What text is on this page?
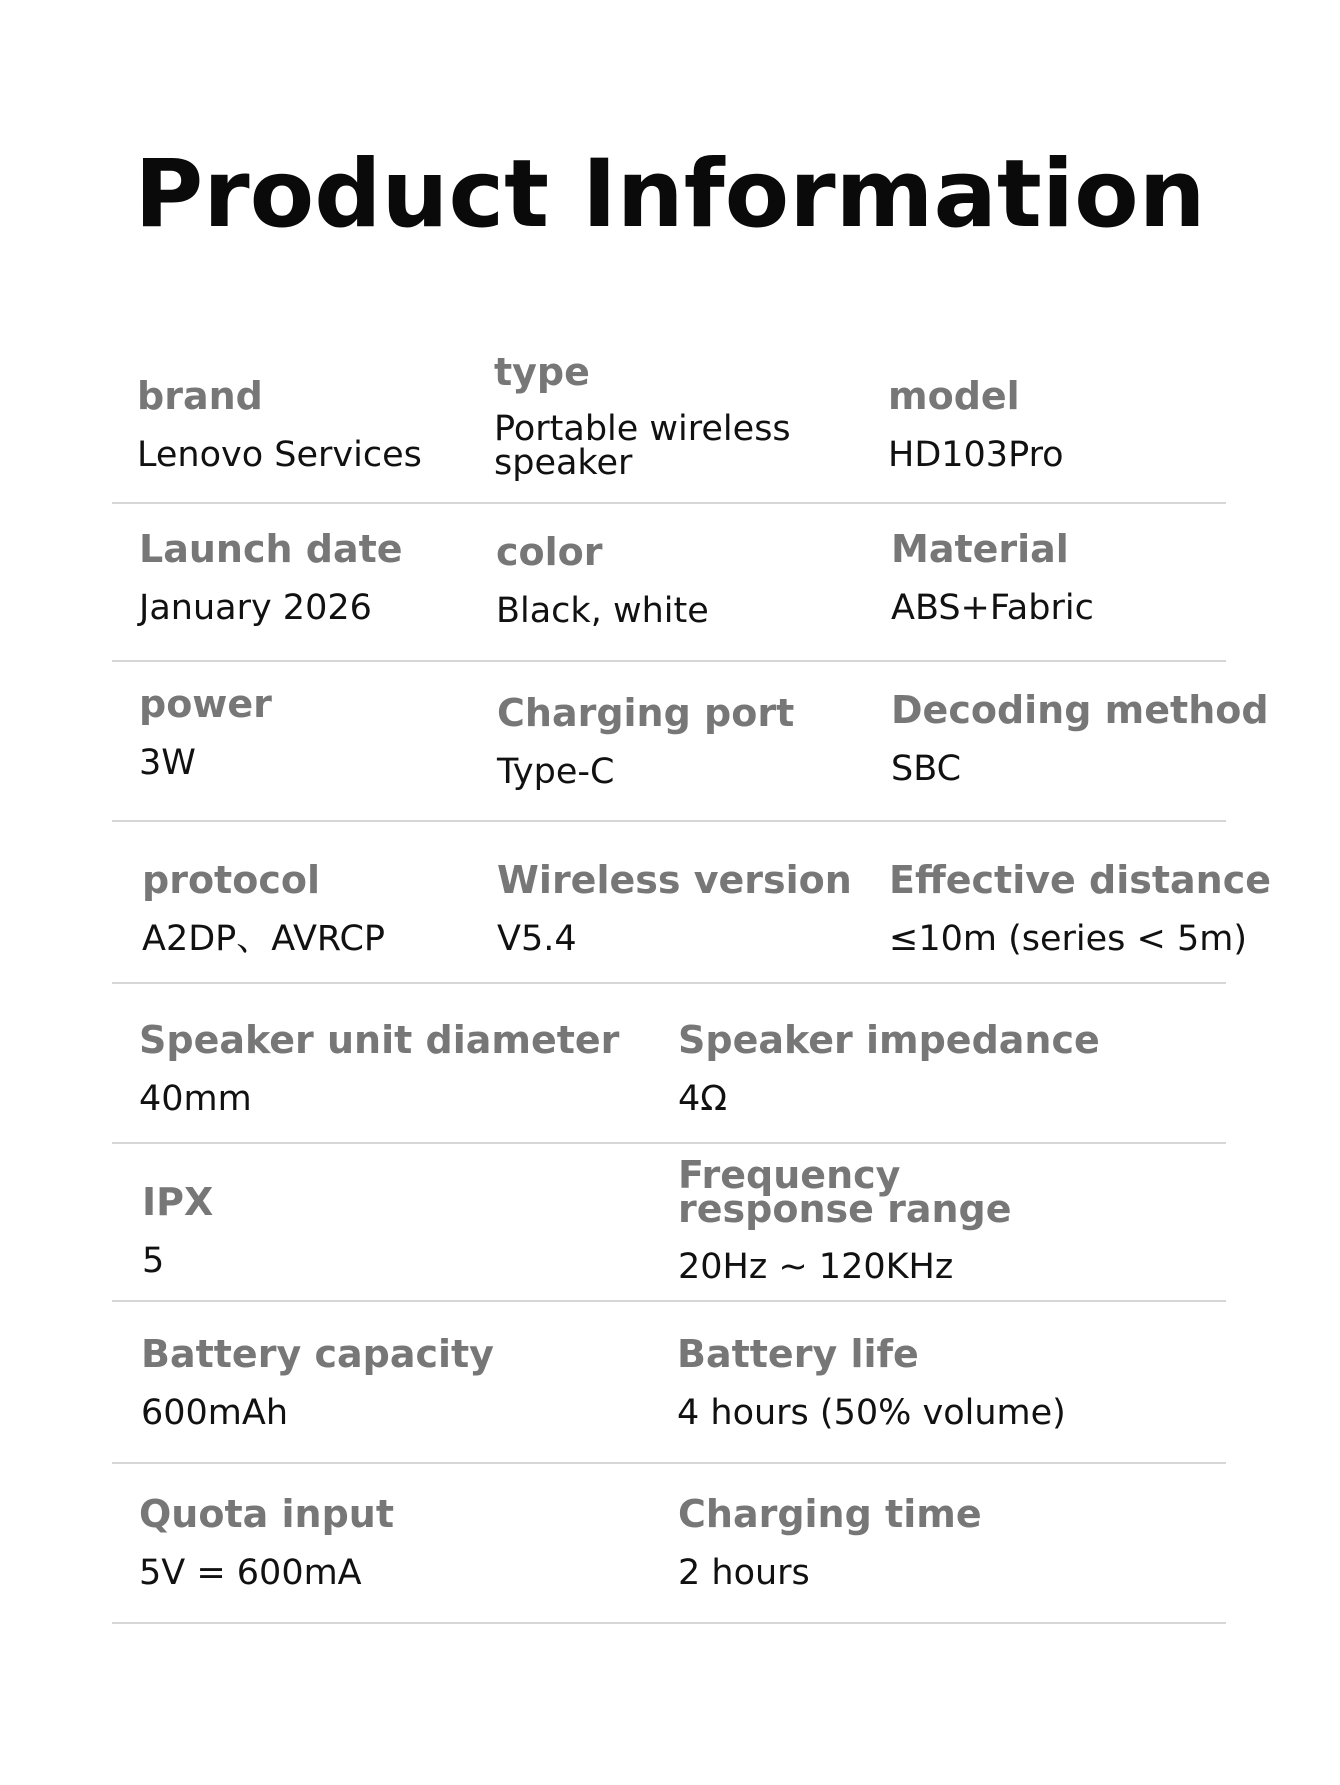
Product Information
brand
Lenovo Services
type
Portable wireless speaker
model
HD103Pro
Launch date
January 2026
color
Black, white
Material
ABS+Fabric
power
3W
Charging port
Type-C
Decoding method
SBC
protocol
A2DP、AVRCP
Wireless version
V5.4
Effective distance
≤10m (series < 5m)
Speaker unit diameter
40mm
Speaker impedance
4Ω
IPX
5
Frequency response range
20Hz ~ 120KHz
Battery capacity
600mAh
Battery life
4 hours (50% volume)
Quota input
5V = 600mA
Charging time
2 hours
